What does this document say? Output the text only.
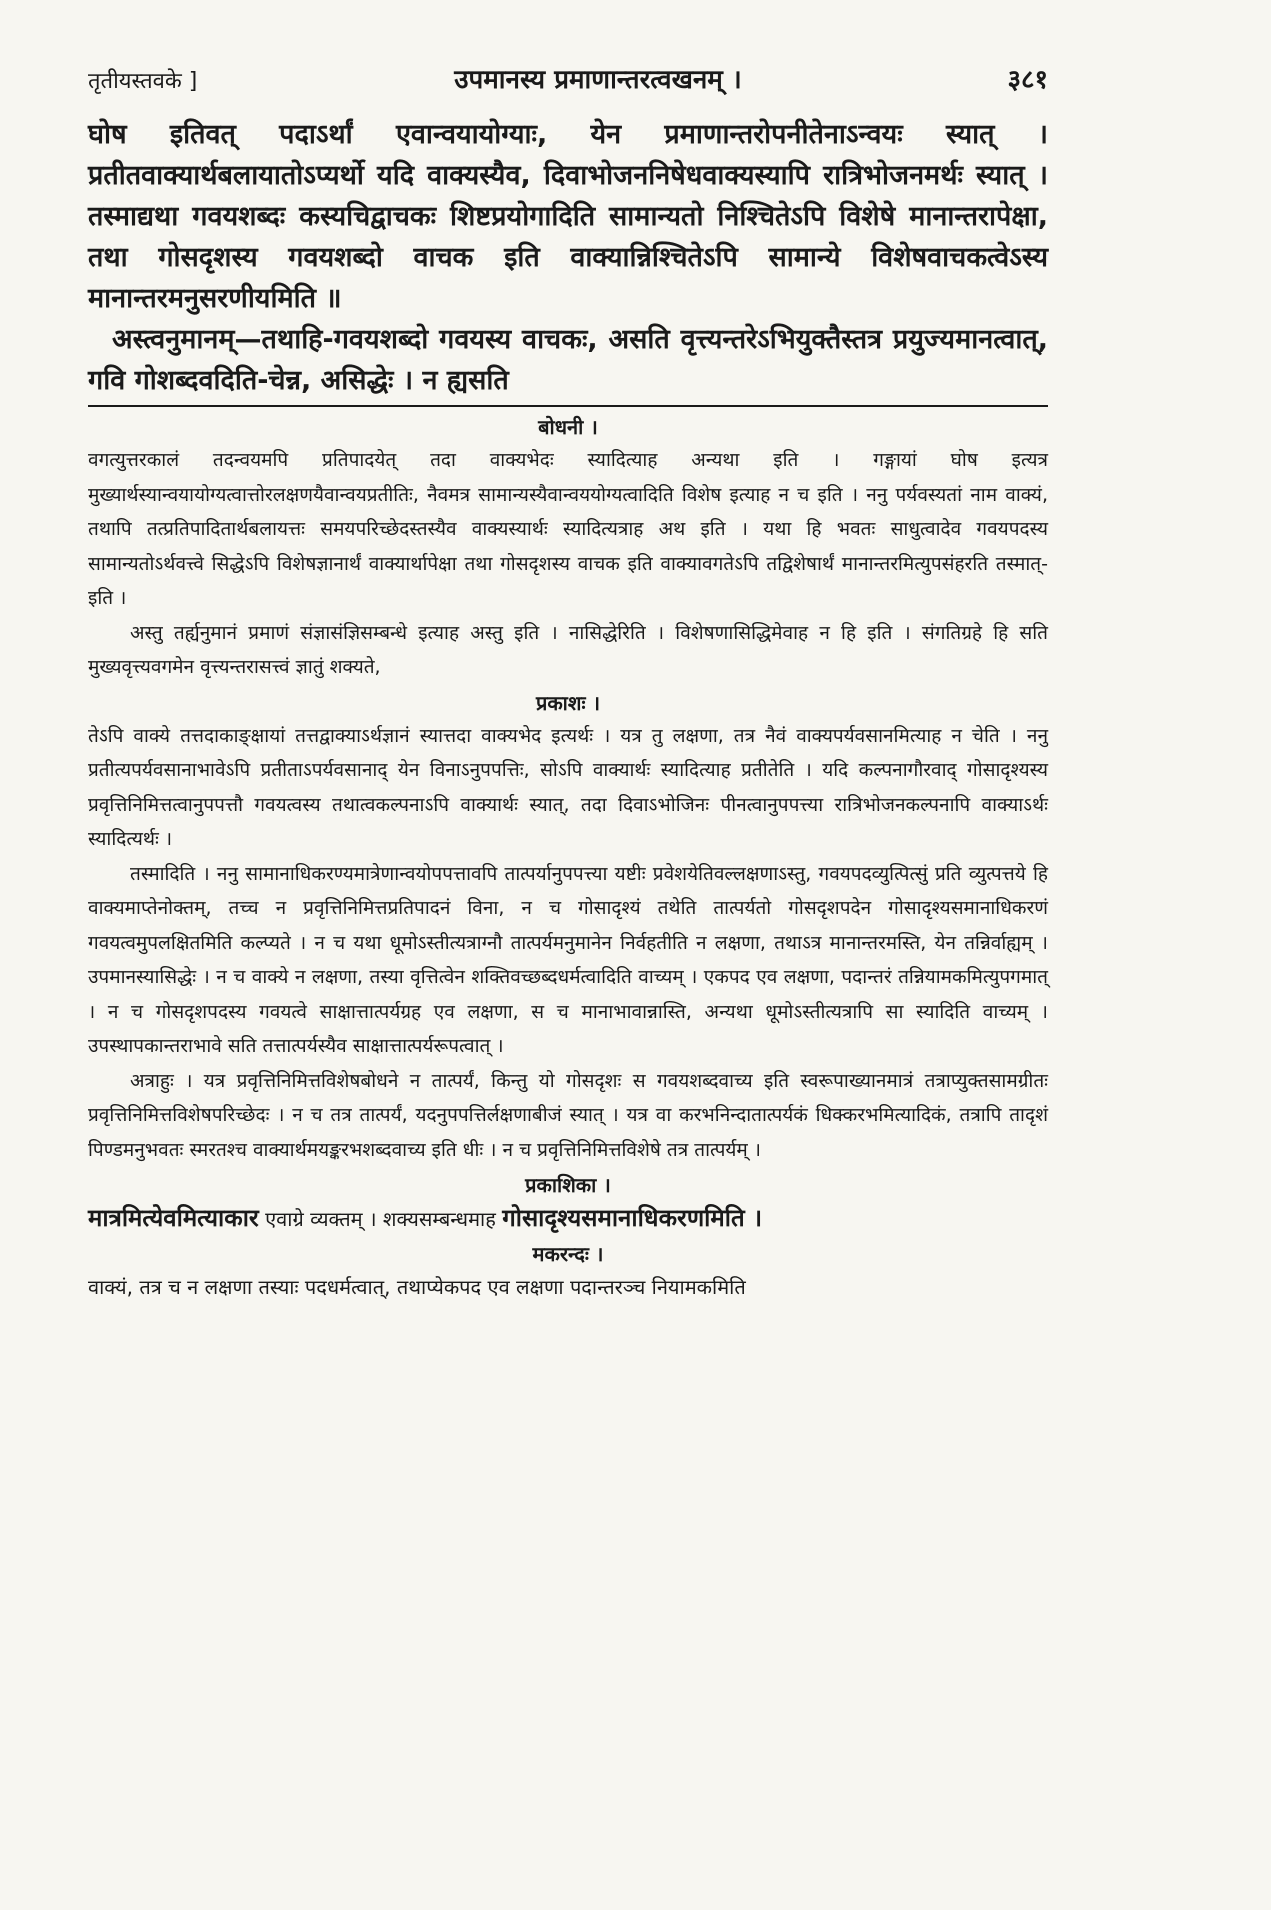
तृतीयस्तवके ]	उपमानस्य प्रमाणान्तरत्वखनम् ।	३८१

घोष इतिवत् पदाऽर्थां एवान्वयायोग्याः, येन प्रमाणान्तरोपनीतेनाऽन्वयः स्यात् । प्रतीतवाक्यार्थबलायातोऽप्यर्थो यदि वाक्यस्यैव, दिवाभोजननिषेधवाक्यस्यापि रात्रिभोजनमर्थः स्यात् । तस्माद्यथा गवयशब्दः कस्यचिद्वाचकः शिष्टप्रयोगादिति सामान्यतो निश्चितेऽपि विशेषे मानान्तरापेक्षा, तथा गोसदृशस्य गवयशब्दो वाचक इति वाक्यान्निश्चितेऽपि सामान्ये विशेषवाचकत्वेऽस्य मानान्तरमनुसरणीयमिति ॥

अस्त्वनुमानम्—तथाहि-गवयशब्दो गवयस्य वाचकः, असति वृत्त्यन्तरेऽभियुक्तैस्तत्र प्रयुज्यमानत्वात्, गवि गोशब्दवदिति-चेन्न, असिद्धेः । न ह्यसति

बोधनी ।

वगत्युत्तरकालं तदन्वयमपि प्रतिपादयेत् तदा वाक्यभेदः स्यादित्याह अन्यथा इति । गङ्गायां घोष इत्यत्र मुख्यार्थस्यान्वयायोग्यत्वात्तोरलक्षणयैवान्वयप्रतीतिः, नैवमत्र सामान्यस्यैवान्वययोग्यत्वादिति विशेष इत्याह न च इति । ननु पर्यवस्यतां नाम वाक्यं, तथापि तत्प्रतिपादितार्थबलायत्तः समयपरिच्छेदस्तस्यैव वाक्यस्यार्थः स्यादित्यत्राह अथ इति । यथा हि भवतः साधुत्वादेव गवयपदस्य सामान्यतोऽर्थवत्त्वे सिद्धेऽपि विशेषज्ञानार्थं वाक्यार्थापेक्षा तथा गोसदृशस्य वाचक इति वाक्यावगतेऽपि तद्विशेषार्थं मानान्तरमित्युपसंहरति तस्मात्-इति ।

अस्तु तर्ह्यनुमानं प्रमाणं संज्ञासंज्ञिसम्बन्धे इत्याह अस्तु इति । नासिद्धेरिति । विशेषणासिद्धिमेवाह न हि इति । संगतिग्रहे हि सति मुख्यवृत्त्यवगमेन वृत्त्यन्तरासत्त्वं ज्ञातुं शक्यते,

प्रकाशः ।

तेऽपि वाक्ये तत्तदाकाङ्क्षायां तत्तद्वाक्याऽर्थज्ञानं स्यात्तदा वाक्यभेद इत्यर्थः । यत्र तु लक्षणा, तत्र नैवं वाक्यपर्यवसानमित्याह न चेति । ननु प्रतीत्यपर्यवसानाभावेऽपि प्रतीताऽपर्यवसानाद् येन विनाऽनुपपत्तिः, सोऽपि वाक्यार्थः स्यादित्याह प्रतीतेति । यदि कल्पनागौरवाद् गोसादृश्यस्य प्रवृत्तिनिमित्तत्वानुपपत्तौ गवयत्वस्य तथात्वकल्पनाऽपि वाक्यार्थः स्यात्, तदा दिवाऽभोजिनः पीनत्वानुपपत्त्या रात्रिभोजनकल्पनापि वाक्याऽर्थः स्यादित्यर्थः ।

तस्मादिति । ननु सामानाधिकरण्यमात्रेणान्वयोपपत्तावपि तात्पर्यानुपपत्त्या यष्टीः प्रवेशयेतिवल्लक्षणाऽस्तु, गवयपदव्युत्पित्सुं प्रति व्युत्पत्तये हि वाक्यमाप्तेनोक्तम्, तच्च न प्रवृत्तिनिमित्तप्रतिपादनं विना, न च गोसादृश्यं तथेति तात्पर्यतो गोसदृशपदेन गोसादृश्यसमानाधिकरणं गवयत्वमुपलक्षितमिति कल्प्यते । न च यथा धूमोऽस्तीत्यत्राग्नौ तात्पर्यमनुमानेन निर्वहतीति न लक्षणा, तथाऽत्र मानान्तरमस्ति, येन तन्निर्वाह्यम् । उपमानस्यासिद्धेः । न च वाक्ये न लक्षणा, तस्या वृत्तित्वेन शक्तिवच्छब्दधर्मत्वादिति वाच्यम् । एकपद एव लक्षणा, पदान्तरं तन्नियामकमित्युपगमात् । न च गोसदृशपदस्य गवयत्वे साक्षात्तात्पर्यग्रह एव लक्षणा, स च मानाभावान्नास्ति, अन्यथा धूमोऽस्तीत्यत्रापि सा स्यादिति वाच्यम् । उपस्थापकान्तराभावे सति तत्तात्पर्यस्यैव साक्षात्तात्पर्यरूपत्वात् ।

अत्राहुः । यत्र प्रवृत्तिनिमित्तविशेषबोधने न तात्पर्यं, किन्तु यो गोसदृशः स गवयशब्दवाच्य इति स्वरूपाख्यानमात्रं तत्राप्युक्तसामग्रीतः प्रवृत्तिनिमित्तविशेषपरिच्छेदः । न च तत्र तात्पर्यं, यदनुपपत्तिर्लक्षणाबीजं स्यात् । यत्र वा करभनिन्दातात्पर्यकं धिक्करभमित्यादिकं, तत्रापि तादृशं पिण्डमनुभवतः स्मरतश्च वाक्यार्थमयङ्करभशब्दवाच्य इति धीः । न च प्रवृत्तिनिमित्तविशेषे तत्र तात्पर्यम् ।

प्रकाशिका ।
मात्रमित्येवमित्याकार एवाग्रे व्यक्तम् । शक्यसम्बन्धमाह गोसादृश्यसमानाधिकरणमिति ।
मकरन्दः ।
वाक्यं, तत्र च न लक्षणा तस्याः पदधर्मत्वात्, तथाप्येकपद एव लक्षणा पदान्तरञ्च नियामकमिति
